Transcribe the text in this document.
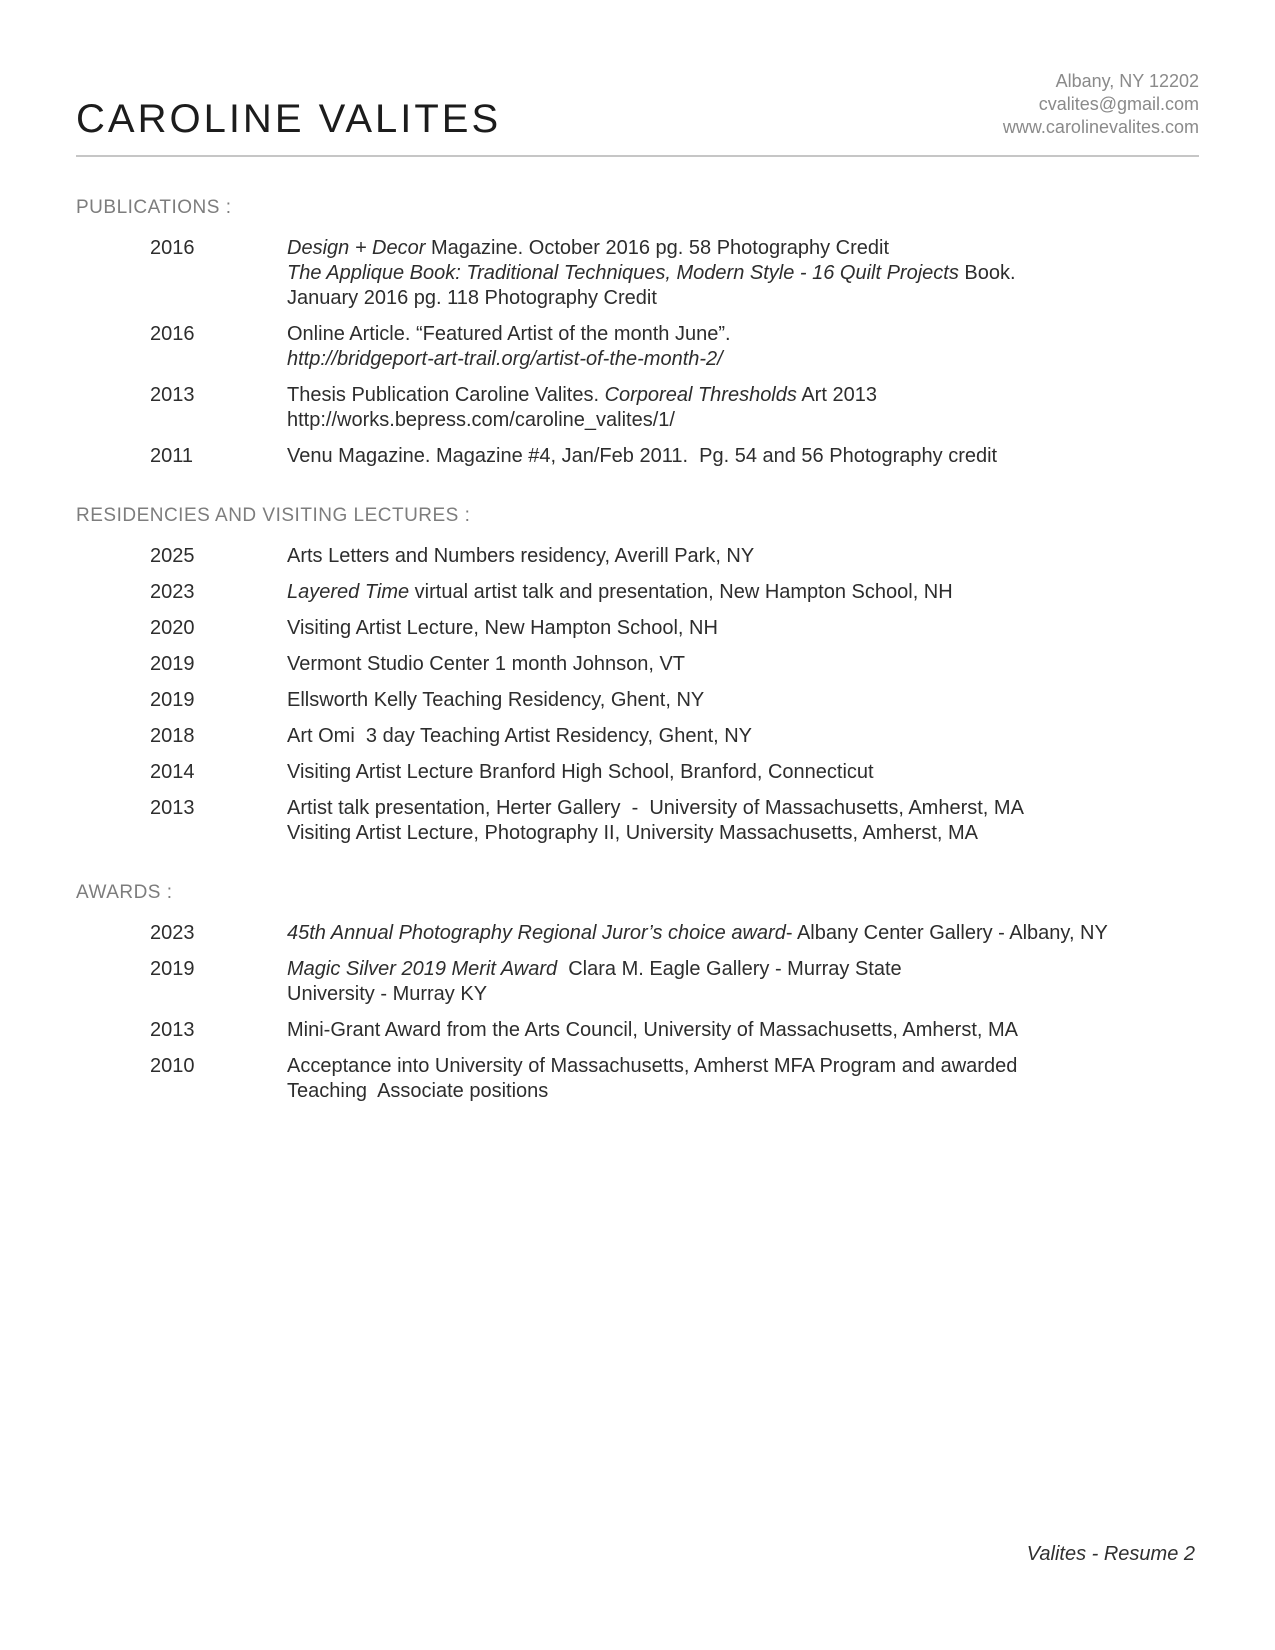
CAROLINE VALITES
Albany, NY 12202
cvalites@gmail.com
www.carolinevalites.com
PUBLICATIONS :
2016	Design + Decor Magazine. October 2016 pg. 58 Photography Credit
The Applique Book: Traditional Techniques, Modern Style - 16 Quilt Projects Book.
January 2016 pg. 118 Photography Credit
2016	Online Article. “Featured Artist of the month June”.
http://bridgeport-art-trail.org/artist-of-the-month-2/
2013	Thesis Publication Caroline Valites. Corporeal Thresholds Art 2013
http://works.bepress.com/caroline_valites/1/
2011	Venu Magazine. Magazine #4, Jan/Feb 2011.  Pg. 54 and 56 Photography credit
RESIDENCIES AND VISITING LECTURES :
2025	Arts Letters and Numbers residency, Averill Park, NY
2023	Layered Time virtual artist talk and presentation, New Hampton School, NH
2020	Visiting Artist Lecture, New Hampton School, NH
2019	Vermont Studio Center 1 month Johnson, VT
2019	Ellsworth Kelly Teaching Residency, Ghent, NY
2018	Art Omi  3 day Teaching Artist Residency, Ghent, NY
2014	Visiting Artist Lecture Branford High School, Branford, Connecticut
2013	Artist talk presentation, Herter Gallery  -  University of Massachusetts, Amherst, MA
Visiting Artist Lecture, Photography II, University Massachusetts, Amherst, MA
AWARDS :
2023	45th Annual Photography Regional Juror’s choice award- Albany Center Gallery - Albany, NY
2019	Magic Silver 2019 Merit Award  Clara M. Eagle Gallery - Murray State
University - Murray KY
2013	Mini-Grant Award from the Arts Council, University of Massachusetts, Amherst, MA
2010	Acceptance into University of Massachusetts, Amherst MFA Program and awarded
Teaching  Associate positions
Valites - Resume 2
